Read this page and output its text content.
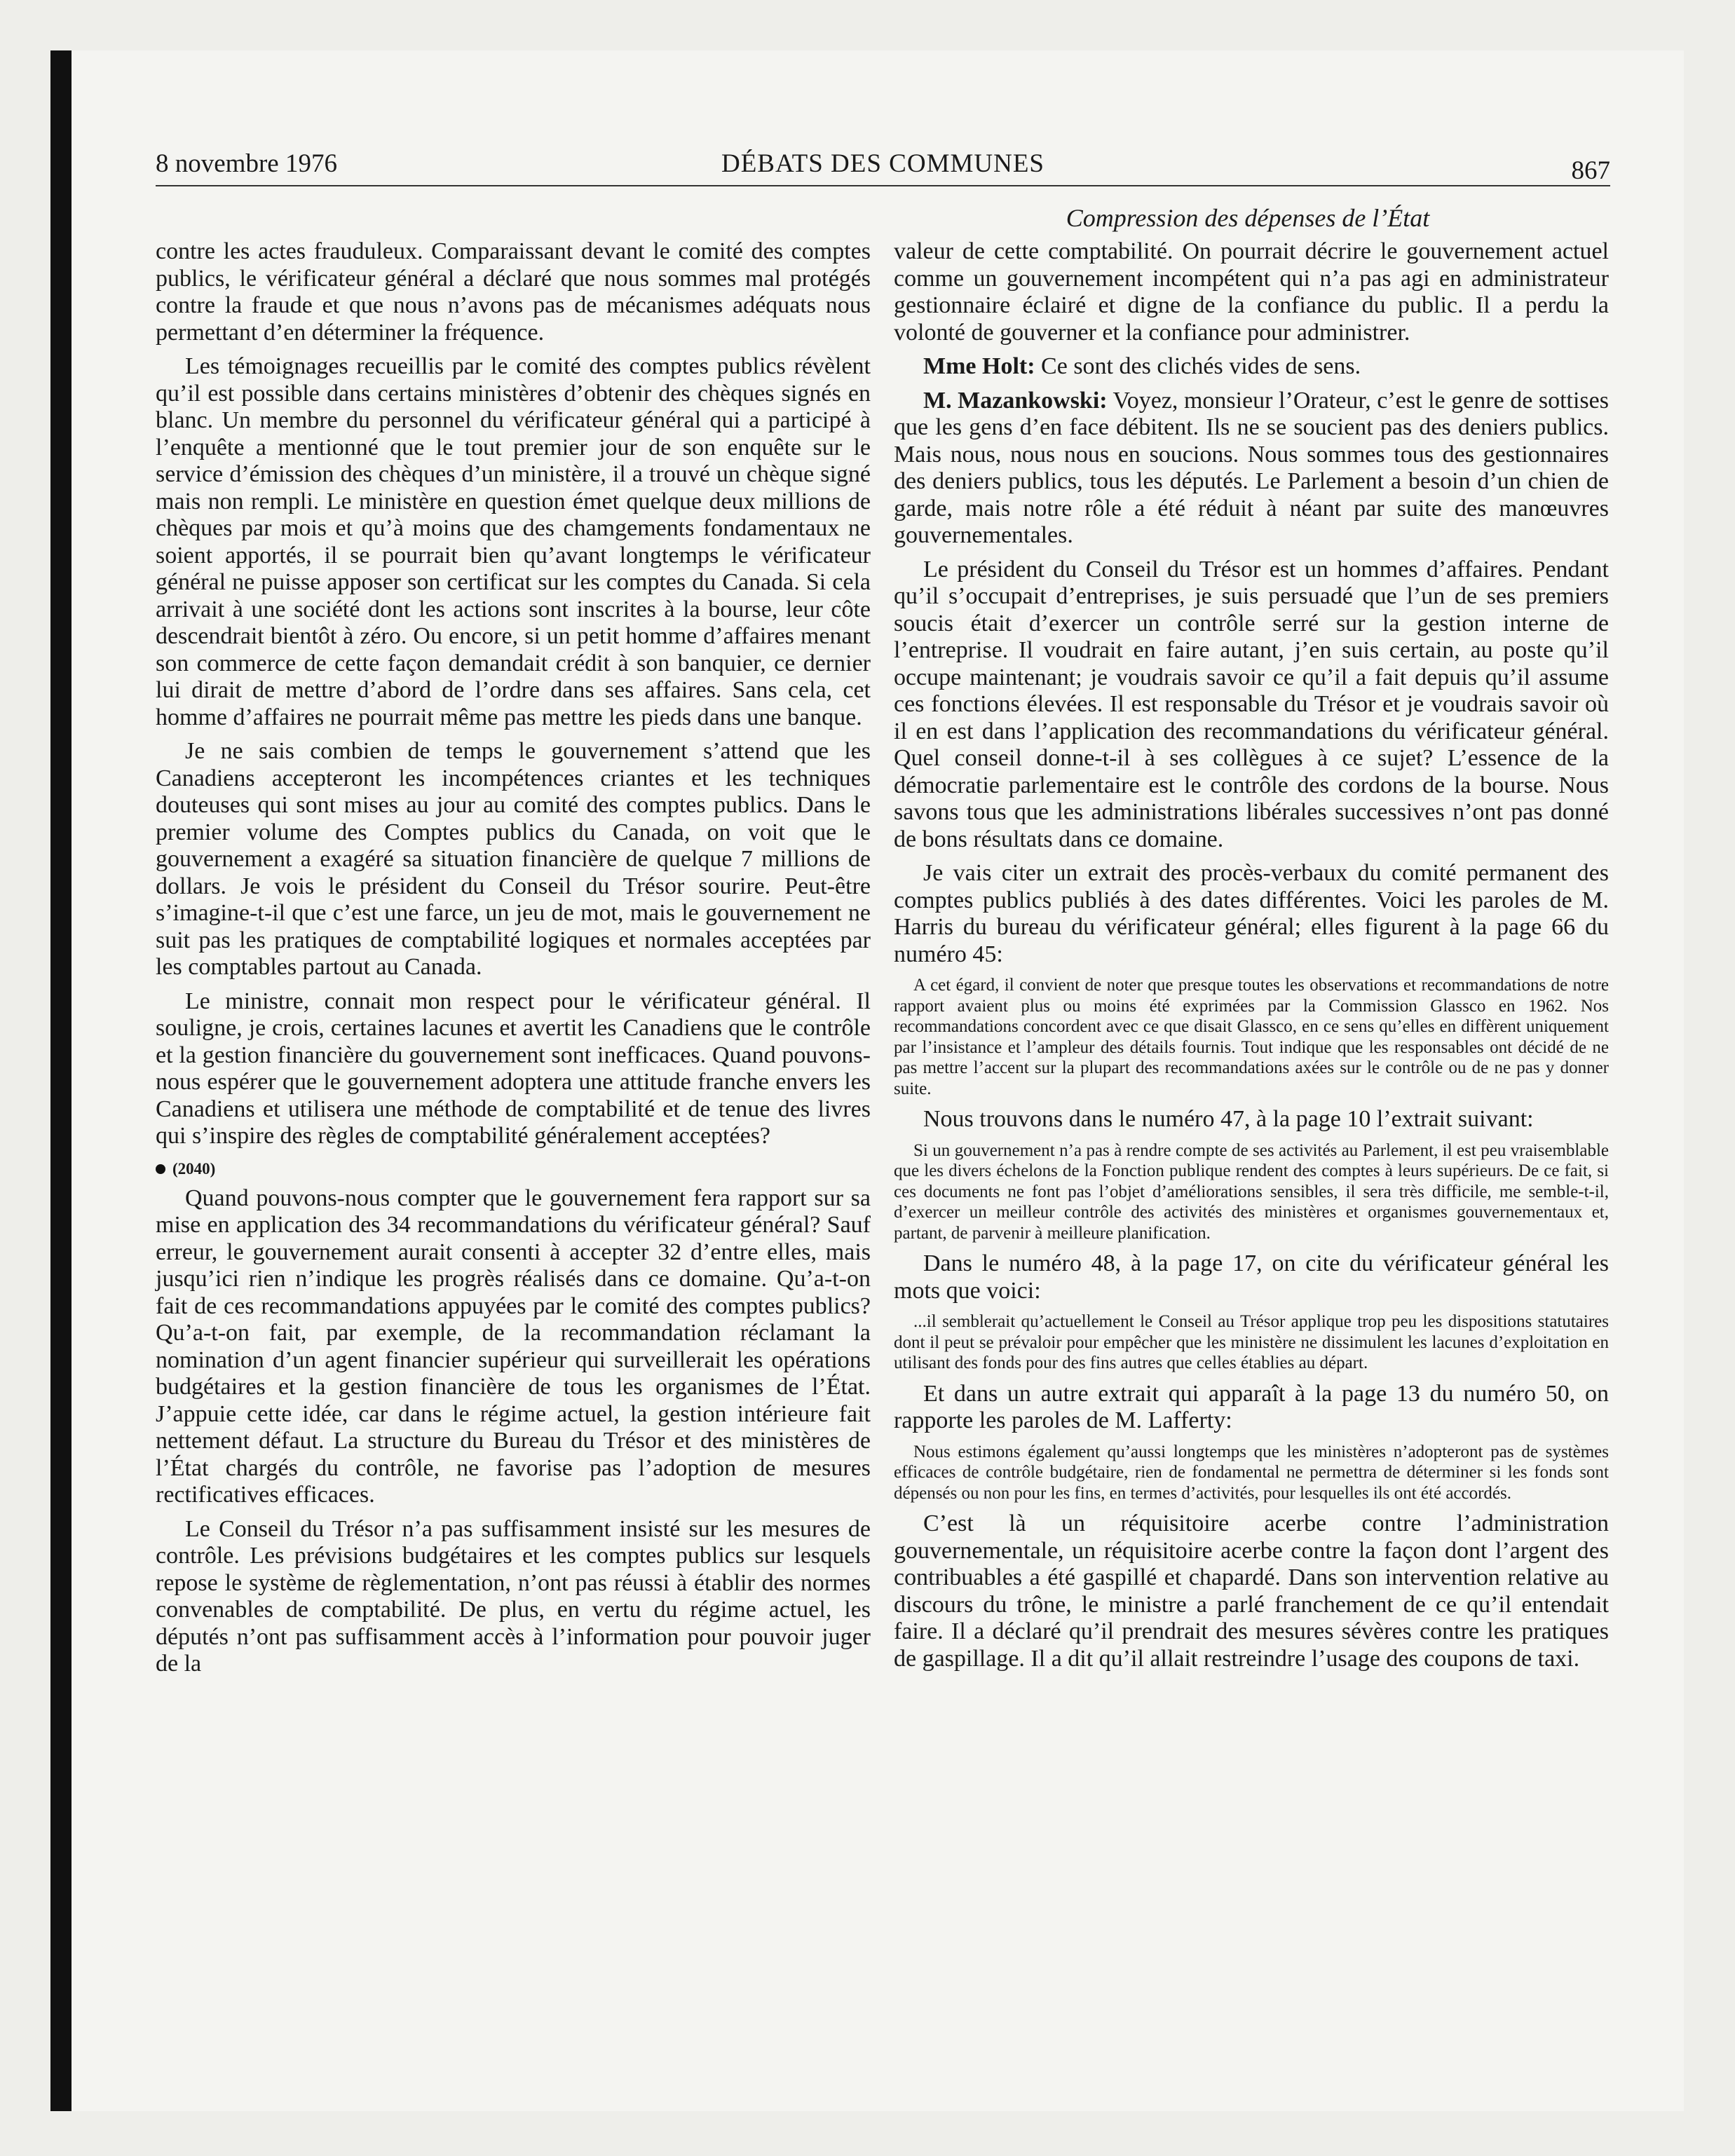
8 novembre 1976	DÉBATS DES COMMUNES	867
Compression des dépenses de l’État

contre les actes frauduleux. Comparaissant devant le comité des comptes publics, le vérificateur général a déclaré que nous sommes mal protégés contre la fraude et que nous n’avons pas de mécanismes adéquats nous permettant d’en déterminer la fréquence.

Les témoignages recueillis par le comité des comptes publics révèlent qu’il est possible dans certains ministères d’obtenir des chèques signés en blanc. Un membre du personnel du vérificateur général qui a participé à l’enquête a mentionné que le tout premier jour de son enquête sur le service d’émission des chèques d’un ministère, il a trouvé un chèque signé mais non rempli. Le ministère en question émet quelque deux millions de chèques par mois et qu’à moins que des chamgements fondamentaux ne soient apportés, il se pourrait bien qu’avant longtemps le vérificateur général ne puisse apposer son certificat sur les comptes du Canada. Si cela arrivait à une société dont les actions sont inscrites à la bourse, leur côte descendrait bientôt à zéro. Ou encore, si un petit homme d’affaires menant son commerce de cette façon demandait crédit à son banquier, ce dernier lui dirait de mettre d’abord de l’ordre dans ses affaires. Sans cela, cet homme d’affaires ne pourrait même pas mettre les pieds dans une banque.

Je ne sais combien de temps le gouvernement s’attend que les Canadiens accepteront les incompétences criantes et les techniques douteuses qui sont mises au jour au comité des comptes publics. Dans le premier volume des Comptes publics du Canada, on voit que le gouvernement a exagéré sa situation financière de quelque 7 millions de dollars. Je vois le président du Conseil du Trésor sourire. Peut-être s’imagine-t-il que c’est une farce, un jeu de mot, mais le gouvernement ne suit pas les pratiques de comptabilité logiques et normales acceptées par les comptables partout au Canada.

Le ministre, connait mon respect pour le vérificateur général. Il souligne, je crois, certaines lacunes et avertit les Canadiens que le contrôle et la gestion financière du gouvernement sont inefficaces. Quand pouvons-nous espérer que le gouvernement adoptera une attitude franche envers les Canadiens et utilisera une méthode de comptabilité et de tenue des livres qui s’inspire des règles de comptabilité généralement acceptées?

(2040)

Quand pouvons-nous compter que le gouvernement fera rapport sur sa mise en application des 34 recommandations du vérificateur général? Sauf erreur, le gouvernement aurait consenti à accepter 32 d’entre elles, mais jusqu’ici rien n’indique les progrès réalisés dans ce domaine. Qu’a-t-on fait de ces recommandations appuyées par le comité des comptes publics? Qu’a-t-on fait, par exemple, de la recommandation réclamant la nomination d’un agent financier supérieur qui surveillerait les opérations budgétaires et la gestion financière de tous les organismes de l’État. J’appuie cette idée, car dans le régime actuel, la gestion intérieure fait nettement défaut. La structure du Bureau du Trésor et des ministères de l’État chargés du contrôle, ne favorise pas l’adoption de mesures rectificatives efficaces.

Le Conseil du Trésor n’a pas suffisamment insisté sur les mesures de contrôle. Les prévisions budgétaires et les comptes publics sur lesquels repose le système de règlementation, n’ont pas réussi à établir des normes convenables de comptabilité. De plus, en vertu du régime actuel, les députés n’ont pas suffisamment accès à l’information pour pouvoir juger de la

valeur de cette comptabilité. On pourrait décrire le gouvernement actuel comme un gouvernement incompétent qui n’a pas agi en administrateur gestionnaire éclairé et digne de la confiance du public. Il a perdu la volonté de gouverner et la confiance pour administrer.

Mme Holt: Ce sont des clichés vides de sens.

M. Mazankowski: Voyez, monsieur l’Orateur, c’est le genre de sottises que les gens d’en face débitent. Ils ne se soucient pas des deniers publics. Mais nous, nous nous en soucions. Nous sommes tous des gestionnaires des deniers publics, tous les députés. Le Parlement a besoin d’un chien de garde, mais notre rôle a été réduit à néant par suite des manœuvres gouvernementales.

Le président du Conseil du Trésor est un hommes d’affaires. Pendant qu’il s’occupait d’entreprises, je suis persuadé que l’un de ses premiers soucis était d’exercer un contrôle serré sur la gestion interne de l’entreprise. Il voudrait en faire autant, j’en suis certain, au poste qu’il occupe maintenant; je voudrais savoir ce qu’il a fait depuis qu’il assume ces fonctions élevées. Il est responsable du Trésor et je voudrais savoir où il en est dans l’application des recommandations du vérificateur général. Quel conseil donne-t-il à ses collègues à ce sujet? L’essence de la démocratie parlementaire est le contrôle des cordons de la bourse. Nous savons tous que les administrations libérales successives n’ont pas donné de bons résultats dans ce domaine.

Je vais citer un extrait des procès-verbaux du comité permanent des comptes publics publiés à des dates différentes. Voici les paroles de M. Harris du bureau du vérificateur général; elles figurent à la page 66 du numéro 45:

A cet égard, il convient de noter que presque toutes les observations et recommandations de notre rapport avaient plus ou moins été exprimées par la Commission Glassco en 1962. Nos recommandations concordent avec ce que disait Glassco, en ce sens qu’elles en diffèrent uniquement par l’insistance et l’ampleur des détails fournis. Tout indique que les responsables ont décidé de ne pas mettre l’accent sur la plupart des recommandations axées sur le contrôle ou de ne pas y donner suite.

Nous trouvons dans le numéro 47, à la page 10 l’extrait suivant:

Si un gouvernement n’a pas à rendre compte de ses activités au Parlement, il est peu vraisemblable que les divers échelons de la Fonction publique rendent des comptes à leurs supérieurs. De ce fait, si ces documents ne font pas l’objet d’améliorations sensibles, il sera très difficile, me semble-t-il, d’exercer un meilleur contrôle des activités des ministères et organismes gouvernementaux et, partant, de parvenir à meilleure planification.

Dans le numéro 48, à la page 17, on cite du vérificateur général les mots que voici:

...il semblerait qu’actuellement le Conseil au Trésor applique trop peu les dispositions statutaires dont il peut se prévaloir pour empêcher que les ministère ne dissimulent les lacunes d’exploitation en utilisant des fonds pour des fins autres que celles établies au départ.

Et dans un autre extrait qui apparaît à la page 13 du numéro 50, on rapporte les paroles de M. Lafferty:

Nous estimons également qu’aussi longtemps que les ministères n’adopteront pas de systèmes efficaces de contrôle budgétaire, rien de fondamental ne permettra de déterminer si les fonds sont dépensés ou non pour les fins, en termes d’activités, pour lesquelles ils ont été accordés.

C’est là un réquisitoire acerbe contre l’administration gouvernementale, un réquisitoire acerbe contre la façon dont l’argent des contribuables a été gaspillé et chapardé. Dans son intervention relative au discours du trône, le ministre a parlé franchement de ce qu’il entendait faire. Il a déclaré qu’il prendrait des mesures sévères contre les pratiques de gaspillage. Il a dit qu’il allait restreindre l’usage des coupons de taxi.
